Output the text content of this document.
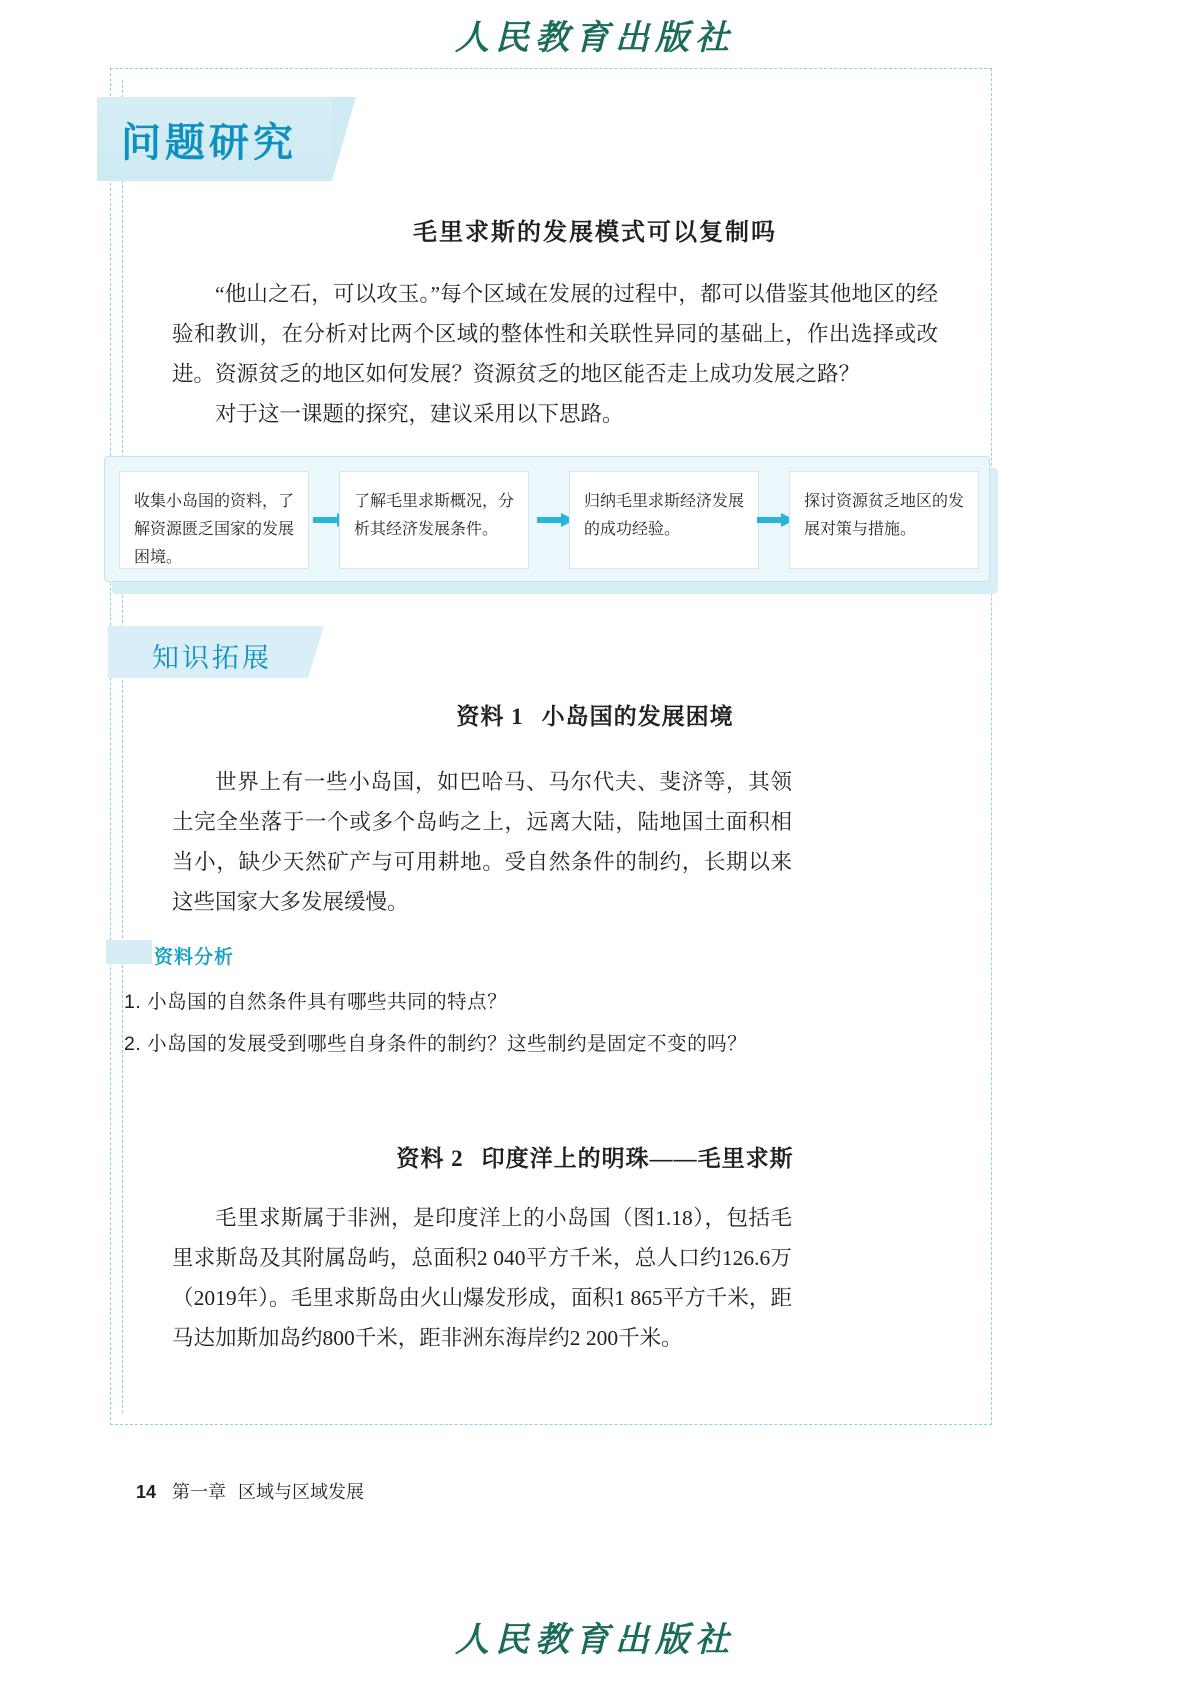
人民教育出版社
问题研究
毛里求斯的发展模式可以复制吗

“他山之石，可以攻玉。”每个区域在发展的过程中，都可以借鉴其他地区的经验和教训，在分析对比两个区域的整体性和关联性异同的基础上，作出选择或改进。资源贫乏的地区如何发展？资源贫乏的地区能否走上成功发展之路？

对于这一课题的探究，建议采用以下思路。

收集小岛国的资料，了解资源匮乏国家的发展困境。
了解毛里求斯概况，分析其经济发展条件。
归纳毛里求斯经济发展的成功经验。
探讨资源贫乏地区的发展对策与措施。
知识拓展
资料 1 小岛国的发展困境
世界上有一些小岛国，如巴哈马、马尔代夫、斐济等，其领土完全坐落于一个或多个岛屿之上，远离大陆，陆地国土面积相当小，缺少天然矿产与可用耕地。受自然条件的制约，长期以来这些国家大多发展缓慢。
资料分析
1. 小岛国的自然条件具有哪些共同的特点？
2. 小岛国的发展受到哪些自身条件的制约？这些制约是固定不变的吗？
资料 2 印度洋上的明珠——毛里求斯
毛里求斯属于非洲，是印度洋上的小岛国（图1.18），包括毛里求斯岛及其附属岛屿，总面积2 040平方千米，总人口约126.6万（2019年）。毛里求斯岛由火山爆发形成，面积1 865平方千米，距马达加斯加岛约800千米，距非洲东海岸约2 200千米。
14 第一章 区域与区域发展
人民教育出版社
